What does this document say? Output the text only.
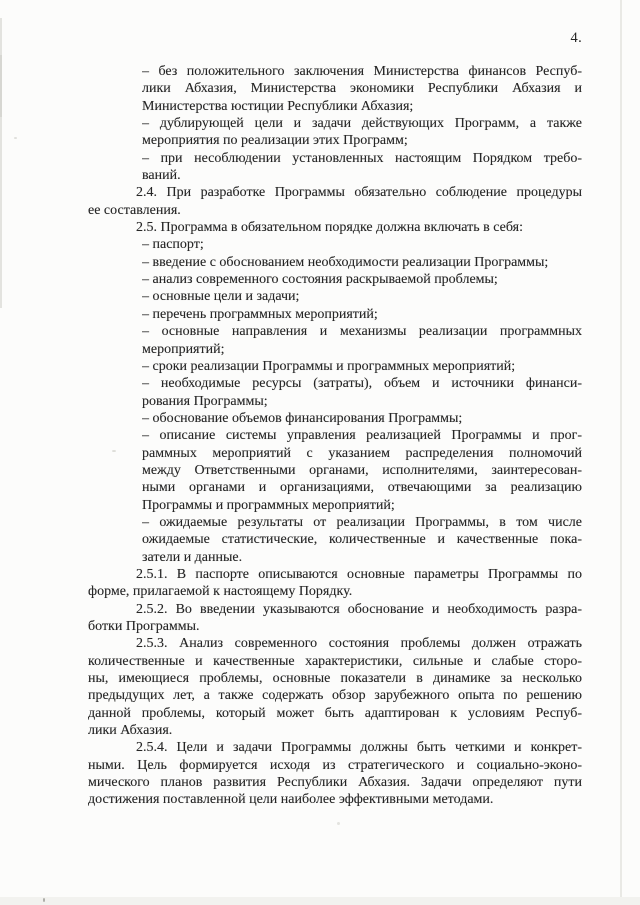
4.
– без положительного заключения Министерства финансов Респуб-
лики Абхазия, Министерства экономики Республики Абхазия и
Министерства юстиции Республики Абхазия;
– дублирующей цели и задачи действующих Программ, а также
мероприятия по реализации этих Программ;
– при несоблюдении установленных настоящим Порядком требо-
ваний.
2.4. При разработке Программы обязательно соблюдение процедуры
ее составления.
2.5. Программа в обязательном порядке должна включать в себя:
– паспорт;
– введение с обоснованием необходимости реализации Программы;
– анализ современного состояния раскрываемой проблемы;
– основные цели и задачи;
– перечень программных мероприятий;
– основные направления и механизмы реализации программных
мероприятий;
– сроки реализации Программы и программных мероприятий;
– необходимые ресурсы (затраты), объем и источники финанси-
рования Программы;
– обоснование объемов финансирования Программы;
– описание системы управления реализацией Программы и прог-
раммных мероприятий с указанием распределения полномочий
между Ответственными органами, исполнителями, заинтересован-
ными органами и организациями, отвечающими за реализацию
Программы и программных мероприятий;
– ожидаемые результаты от реализации Программы, в том числе
ожидаемые статистические, количественные и качественные пока-
затели и данные.
2.5.1. В паспорте описываются основные параметры Программы по
форме, прилагаемой к настоящему Порядку.
2.5.2. Во введении указываются обоснование и необходимость разра-
ботки Программы.
2.5.3. Анализ современного состояния проблемы должен отражать
количественные и качественные характеристики, сильные и слабые сторо-
ны, имеющиеся проблемы, основные показатели в динамике за несколько
предыдущих лет, а также содержать обзор зарубежного опыта по решению
данной проблемы, который может быть адаптирован к условиям Респуб-
лики Абхазия.
2.5.4. Цели и задачи Программы должны быть четкими и конкрет-
ными. Цель формируется исходя из стратегического и социально-эконо-
мического планов развития Республики Абхазия. Задачи определяют пути
достижения поставленной цели наиболее эффективными методами.
